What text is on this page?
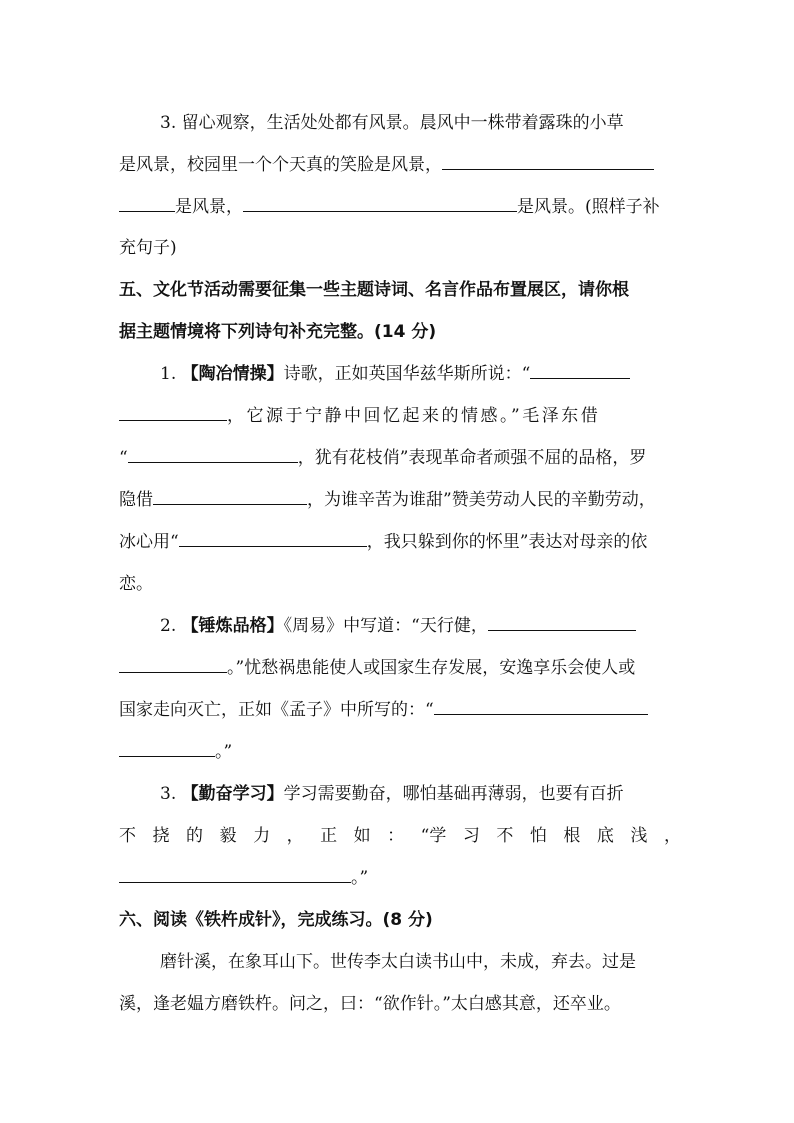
3. 留心观察，生活处处都有风景。晨风中一株带着露珠的小草
是风景，校园里一个个天真的笑脸是风景，
是风景，	是风景。(照样子补
充句子)
五、文化节活动需要征集一些主题诗词、名言作品布置展区，请你根
据主题情境将下列诗句补充完整。(14 分)
1. 【陶冶情操】诗歌，正如英国华兹华斯所说：“
，它源于宁静中回忆起来的情感。”毛泽东借
“	，犹有花枝俏”表现革命者顽强不屈的品格，罗
隐借	，为谁辛苦为谁甜”赞美劳动人民的辛勤劳动，
冰心用“	，我只躲到你的怀里”表达对母亲的依
恋。
2. 【锤炼品格】《周易》中写道：“天行健，
。”忧愁祸患能使人或国家生存发展，安逸享乐会使人或
国家走向灭亡，正如《孟子》中所写的：“
。”
3. 【勤奋学习】学习需要勤奋，哪怕基础再薄弱，也要有百折
不 挠 的 毅 力 ， 正 如 ： “学 习 不 怕 根 底 浅 ，
。”
六、阅读《铁杵成针》，完成练习。(8 分)
磨针溪，在象耳山下。世传李太白读书山中，未成，弃去。过是
溪，逢老媪方磨铁杵。问之，曰：“欲作针。”太白感其意，还卒业。
